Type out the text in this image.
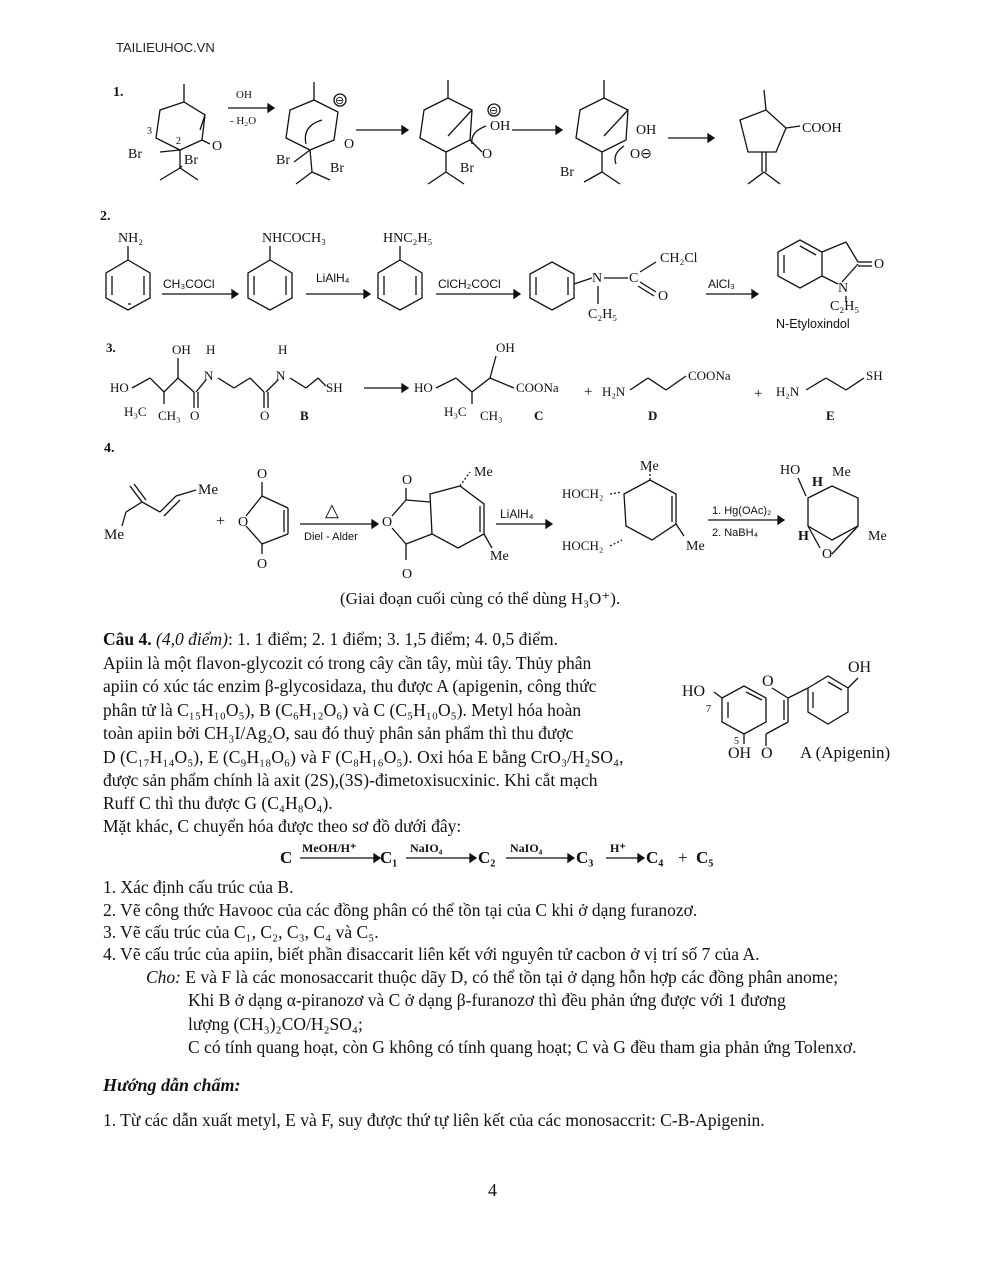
TAILIEUHOC.VN
1.
O
3
2
Br	Br
OH
- H₂O
⊖
O
Br
Br
O
⊖
OH
Br
OH
O⊖
Br
COOH
2.
NH₂
CH₃COCl
NHCOCH₃
LiAlH₄
HNC₂H₅
ClCH₂COCl	N C
CH₂Cl
O
C₂H₅
AlCl₃
O
N
C₂H₅
N-Etyloxindol
3.
HO
OH
H₃C CH₃ O
N
H
O
N
H
SH
B
HO
OH
COONa
H₃C CH₃ C
+ H₂N
COONa
D
+ H₂N
SH
E
4.
Me
Me
+
O
O
O
△
Diel - Alder
O
O
O
Me
Me
LiAlH₄
HOCH₂
HOCH₂
Me
Me
1. Hg(OAc)₂
2. NaBH₄
HO
H
Me
H
O
Me
(Giai đoạn cuối cùng có thể dùng H₃O⁺).
Câu 4. (4,0 điểm): 1. 1 điểm; 2. 1 điểm; 3. 1,5 điểm; 4. 0,5 điểm.
Apiin là một flavon-glycozit có trong cây cần tây, mùi tây. Thủy phân
apiin có xúc tác enzim β-glycosidaza, thu được A (apigenin, công thức
phân tử là C₁₅H₁₀O₅), B (C₆H₁₂O₆) và C (C₅H₁₀O₅). Metyl hóa hoàn
toàn apiin bởi CH₃I/Ag₂O, sau đó thuỷ phân sản phẩm thì thu được
D (C₁₇H₁₄O₅), E (C₉H₁₈O₆) và F (C₈H₁₆O₅). Oxi hóa E bằng CrO₃/H₂SO₄,
được sản phẩm chính là axit (2S),(3S)-đimetoxisucxinic. Khi cắt mạch
Ruff C thì thu được G (C₄H₈O₄).
HO
7
O
O
OH
5
OH
A (Apigenin)
Mặt khác, C chuyển hóa được theo sơ đồ dưới đây:
C MeOH/H⁺ C₁ NaIO₄ C₂ NaIO₄ C₃ H⁺ C₄ + C₅
1. Xác định cấu trúc của B.
2. Vẽ công thức Havooc của các đồng phân có thể tồn tại của C khi ở dạng furanozơ.
3. Vẽ cấu trúc của C₁, C₂, C₃, C₄ và C₅.
4. Vẽ cấu trúc của apiin, biết phần đisaccarit liên kết với nguyên tử cacbon ở vị trí số 7 của A.
Cho: E và F là các monosaccarit thuộc dãy D, có thể tồn tại ở dạng hỗn hợp các đồng phân anome;
Khi B ở dạng α-piranozơ và C ở dạng β-furanozơ thì đều phản ứng được với 1 đương
lượng (CH₃)₂CO/H₂SO₄;
C có tính quang hoạt, còn G không có tính quang hoạt; C và G đều tham gia phản ứng Tolenxơ.
Hướng dẫn chấm:
1. Từ các dẫn xuất metyl, E và F, suy được thứ tự liên kết của các monosaccrit: C-B-Apigenin.
4
